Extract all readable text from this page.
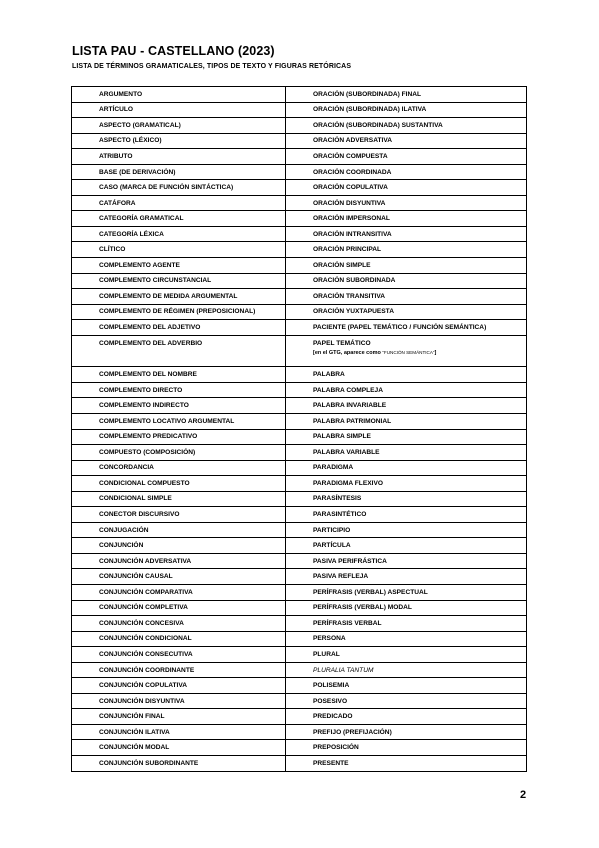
LISTA PAU - CASTELLANO (2023)
LISTA DE TÉRMINOS GRAMATICALES, TIPOS DE TEXTO Y FIGURAS RETÓRICAS
ARGUMENTO	ORACIÓN (SUBORDINADA) FINAL
ARTÍCULO	ORACIÓN (SUBORDINADA) ILATIVA
ASPECTO (GRAMATICAL)	ORACIÓN (SUBORDINADA) SUSTANTIVA
ASPECTO (LÉXICO)	ORACIÓN ADVERSATIVA
ATRIBUTO	ORACIÓN COMPUESTA
BASE (DE DERIVACIÓN)	ORACIÓN COORDINADA
CASO (MARCA DE FUNCIÓN SINTÁCTICA)	ORACIÓN COPULATIVA
CATÁFORA	ORACIÓN DISYUNTIVA
CATEGORÍA GRAMATICAL	ORACIÓN IMPERSONAL
CATEGORÍA LÉXICA	ORACIÓN INTRANSITIVA
CLÍTICO	ORACIÓN PRINCIPAL
COMPLEMENTO AGENTE	ORACIÓN SIMPLE
COMPLEMENTO CIRCUNSTANCIAL	ORACIÓN SUBORDINADA
COMPLEMENTO DE MEDIDA ARGUMENTAL	ORACIÓN TRANSITIVA
COMPLEMENTO DE RÉGIMEN (PREPOSICIONAL)	ORACIÓN YUXTAPUESTA
COMPLEMENTO DEL ADJETIVO	PACIENTE (PAPEL TEMÁTICO / FUNCIÓN SEMÁNTICA)
COMPLEMENTO DEL ADVERBIO	PAPEL TEMÁTICO
[en el GTG, aparece como “FUNCIÓN SEMÁNTICA”]

COMPLEMENTO DEL NOMBRE	PALABRA
COMPLEMENTO DIRECTO	PALABRA COMPLEJA
COMPLEMENTO INDIRECTO	PALABRA INVARIABLE
COMPLEMENTO LOCATIVO ARGUMENTAL	PALABRA PATRIMONIAL
COMPLEMENTO PREDICATIVO	PALABRA SIMPLE
COMPUESTO (COMPOSICIÓN)	PALABRA VARIABLE
CONCORDANCIA	PARADIGMA
CONDICIONAL COMPUESTO	PARADIGMA FLEXIVO
CONDICIONAL SIMPLE	PARASÍNTESIS
CONECTOR DISCURSIVO	PARASINTÉTICO
CONJUGACIÓN	PARTICIPIO
CONJUNCIÓN	PARTÍCULA
CONJUNCIÓN ADVERSATIVA	PASIVA PERIFRÁSTICA
CONJUNCIÓN CAUSAL	PASIVA REFLEJA
CONJUNCIÓN COMPARATIVA	PERÍFRASIS (VERBAL) ASPECTUAL
CONJUNCIÓN COMPLETIVA	PERÍFRASIS (VERBAL) MODAL
CONJUNCIÓN CONCESIVA	PERÍFRASIS VERBAL
CONJUNCIÓN CONDICIONAL	PERSONA
CONJUNCIÓN CONSECUTIVA	PLURAL
CONJUNCIÓN COORDINANTE	PLURALIA TANTUM
CONJUNCIÓN COPULATIVA	POLISEMIA
CONJUNCIÓN DISYUNTIVA	POSESIVO
CONJUNCIÓN FINAL	PREDICADO
CONJUNCIÓN ILATIVA	PREFIJO (PREFIJACIÓN)
CONJUNCIÓN MODAL	PREPOSICIÓN
CONJUNCIÓN SUBORDINANTE	PRESENTE
2
